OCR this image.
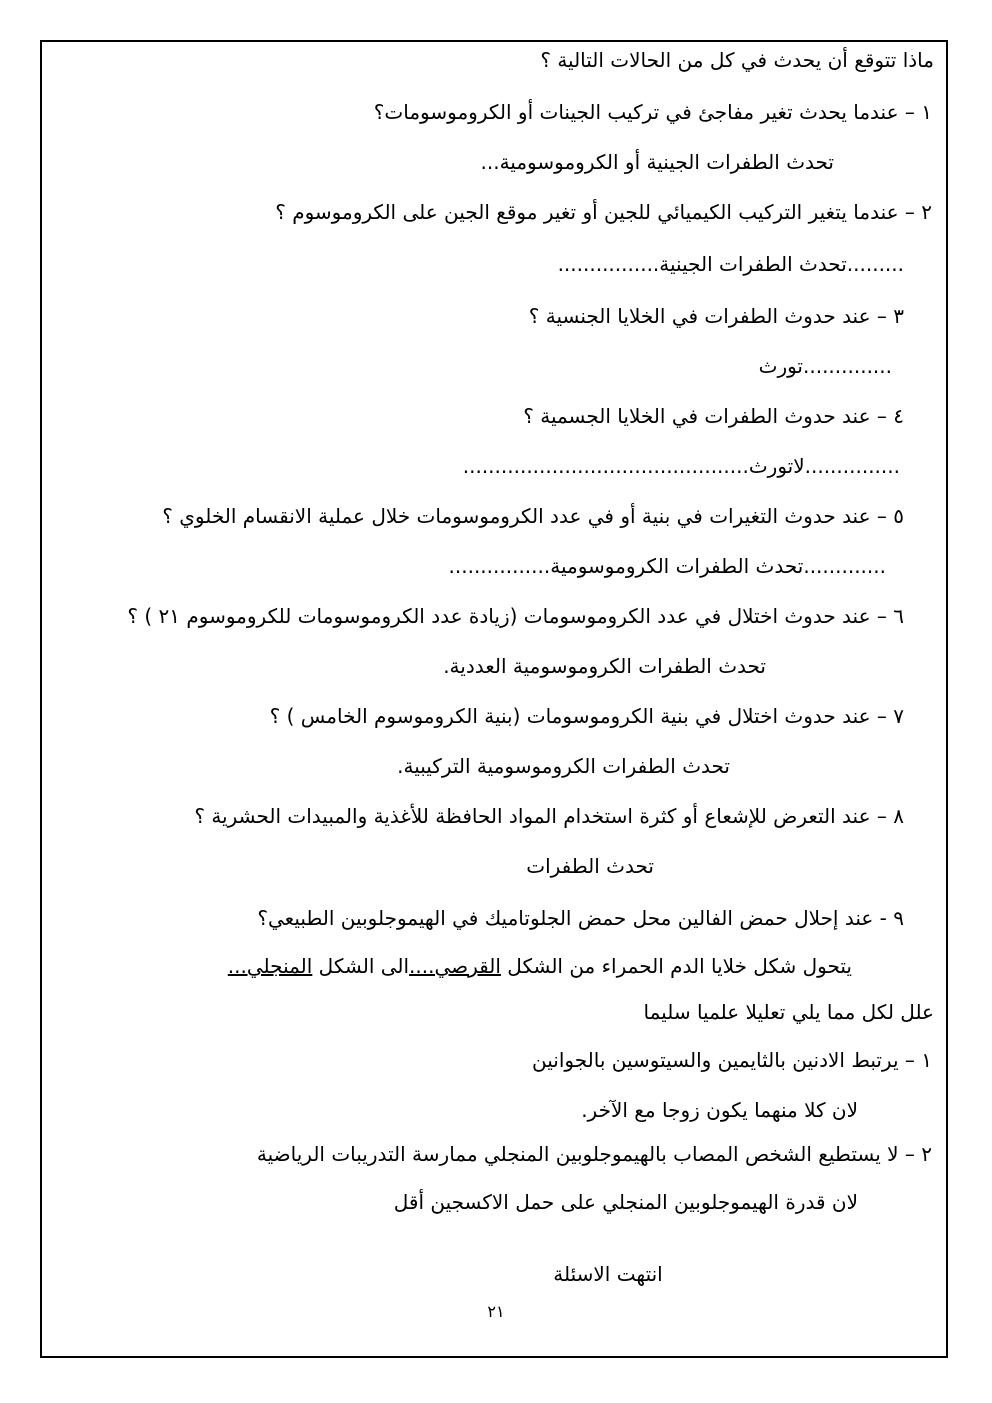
ماذا تتوقع أن يحدث في كل من الحالات التالية ؟
١ – عندما يحدث تغير مفاجئ في تركيب الجينات أو الكروموسومات؟
تحدث الطفرات الجينية أو الكروموسومية...
٢ – عندما يتغير التركيب الكيميائي للجين أو تغير موقع الجين على الكروموسوم ؟
.........تحدث الطفرات الجينية................
٣ – عند حدوث الطفرات في الخلايا الجنسية ؟
..............تورث
٤ – عند حدوث الطفرات في الخلايا الجسمية ؟
...............لاتورث.............................................
٥ – عند حدوث التغيرات في بنية أو في عدد الكروموسومات خلال عملية الانقسام الخلوي ؟
.............تحدث الطفرات الكروموسومية................
٦ – عند حدوث اختلال في عدد الكروموسومات (زيادة عدد الكروموسومات للكروموسوم ٢١ ) ؟
تحدث الطفرات الكروموسومية العددية.
٧ – عند حدوث اختلال في بنية الكروموسومات (بنية الكروموسوم الخامس ) ؟
تحدث الطفرات الكروموسومية التركيبية.
٨ – عند التعرض للإشعاع أو كثرة استخدام المواد الحافظة للأغذية والمبيدات الحشرية ؟
تحدث الطفرات
٩ - عند إحلال حمض الفالين محل حمض الجلوتاميك في الهيموجلوبين الطبيعي؟
يتحول شكل خلايا الدم الحمراء من الشكل القرصي....الى الشكل المنجلي...
علل لكل مما يلي تعليلا علميا سليما
١ – يرتبط الادنين بالثايمين والسيتوسين بالجوانين
لان كلا منهما يكون زوجا مع الآخر.
٢ – لا يستطيع الشخص المصاب بالهيموجلوبين المنجلي ممارسة التدريبات الرياضية
لان قدرة الهيموجلوبين المنجلي على حمل الاكسجين أقل
انتهت الاسئلة
٢١
